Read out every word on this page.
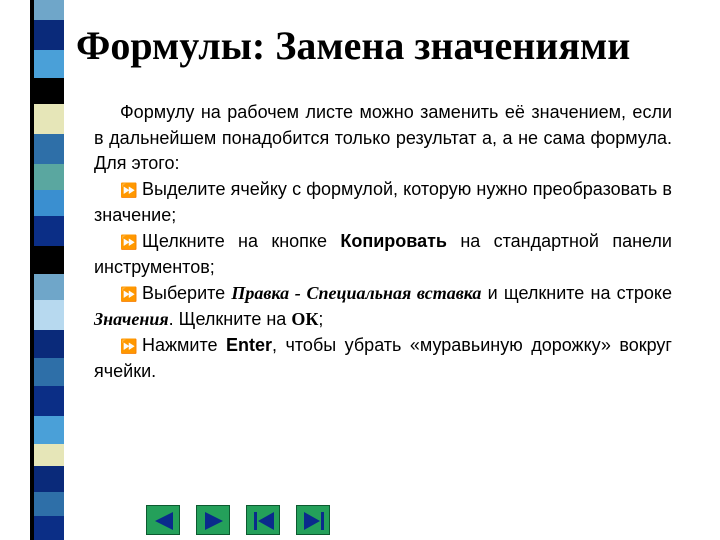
Формулы: Замена значениями

Формулу на рабочем листе можно заменить её значением, если в дальнейшем понадобится только результат а, а не сама формула. Для этого:

⏩ Выделите ячейку с формулой, которую нужно преобразовать в значение;

⏩ Щелкните на кнопке Копировать на стандартной панели инструментов;

⏩ Выберите Правка - Специальная вставка и щелкните на строке Значения. Щелкните на ОК;

⏩ Нажмите Enter, чтобы убрать «муравьиную дорожку» вокруг ячейки.
